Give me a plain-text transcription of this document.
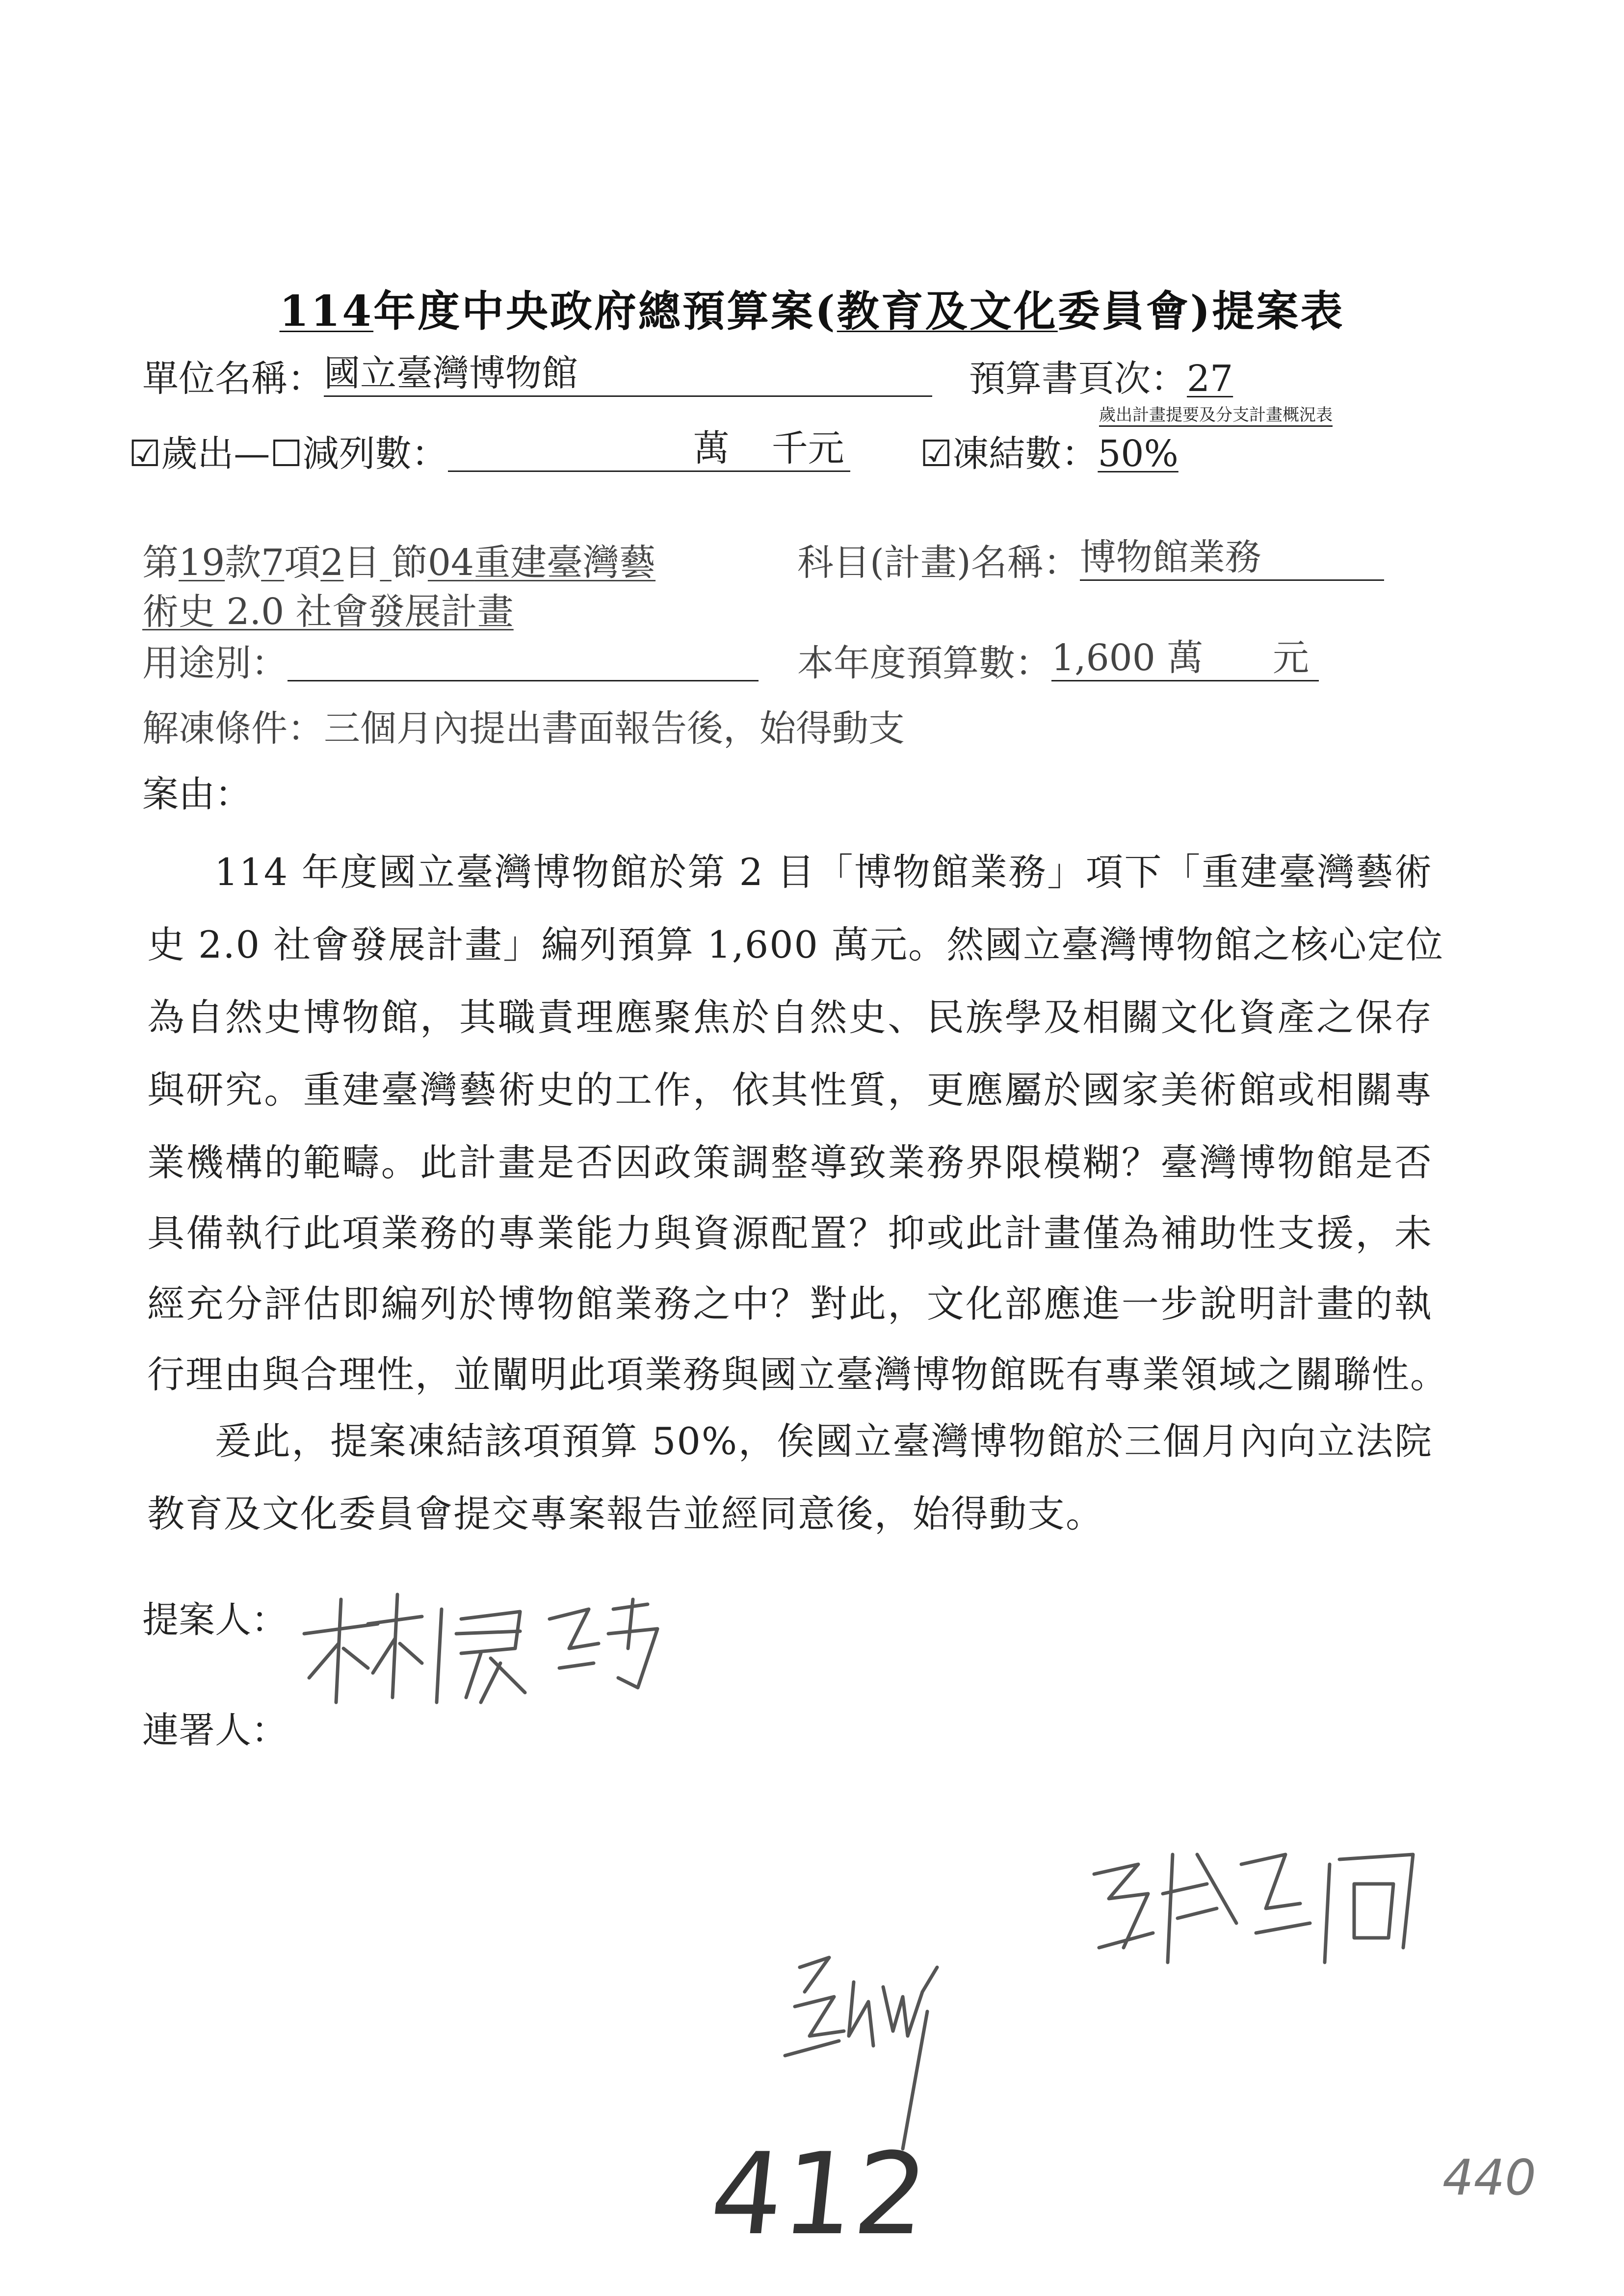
114年度中央政府總預算案(教育及文化委員會)提案表
單位名稱： 國立臺灣博物館	預算書頁次：27
歲出計畫提要及分支計畫概況表
☑歲出—☐減列數：	萬 千元 ☑凍結數：50%
第19款7項2目 節04重建臺灣藝
術史 2.0 社會發展計畫
科目(計畫)名稱： 博物館業務
用途別：	本年度預算數： 1,600 萬 元
解凍條件：三個月內提出書面報告後，始得動支
案由：
114 年度國立臺灣博物館於第 2 目「博物館業務」項下「重建臺灣藝術
史 2.0 社會發展計畫」編列預算 1,600 萬元。然國立臺灣博物館之核心定位
為自然史博物館，其職責理應聚焦於自然史、民族學及相關文化資產之保存
與研究。重建臺灣藝術史的工作，依其性質，更應屬於國家美術館或相關專
業機構的範疇。此計畫是否因政策調整導致業務界限模糊？臺灣博物館是否
具備執行此項業務的專業能力與資源配置？抑或此計畫僅為補助性支援，未
經充分評估即編列於博物館業務之中？對此，文化部應進一步說明計畫的執
行理由與合理性，並闡明此項業務與國立臺灣博物館既有專業領域之關聯性。
爰此，提案凍結該項預算 50%，俟國立臺灣博物館於三個月內向立法院
教育及文化委員會提交專案報告並經同意後，始得動支。
提案人：
連署人：
412	440
